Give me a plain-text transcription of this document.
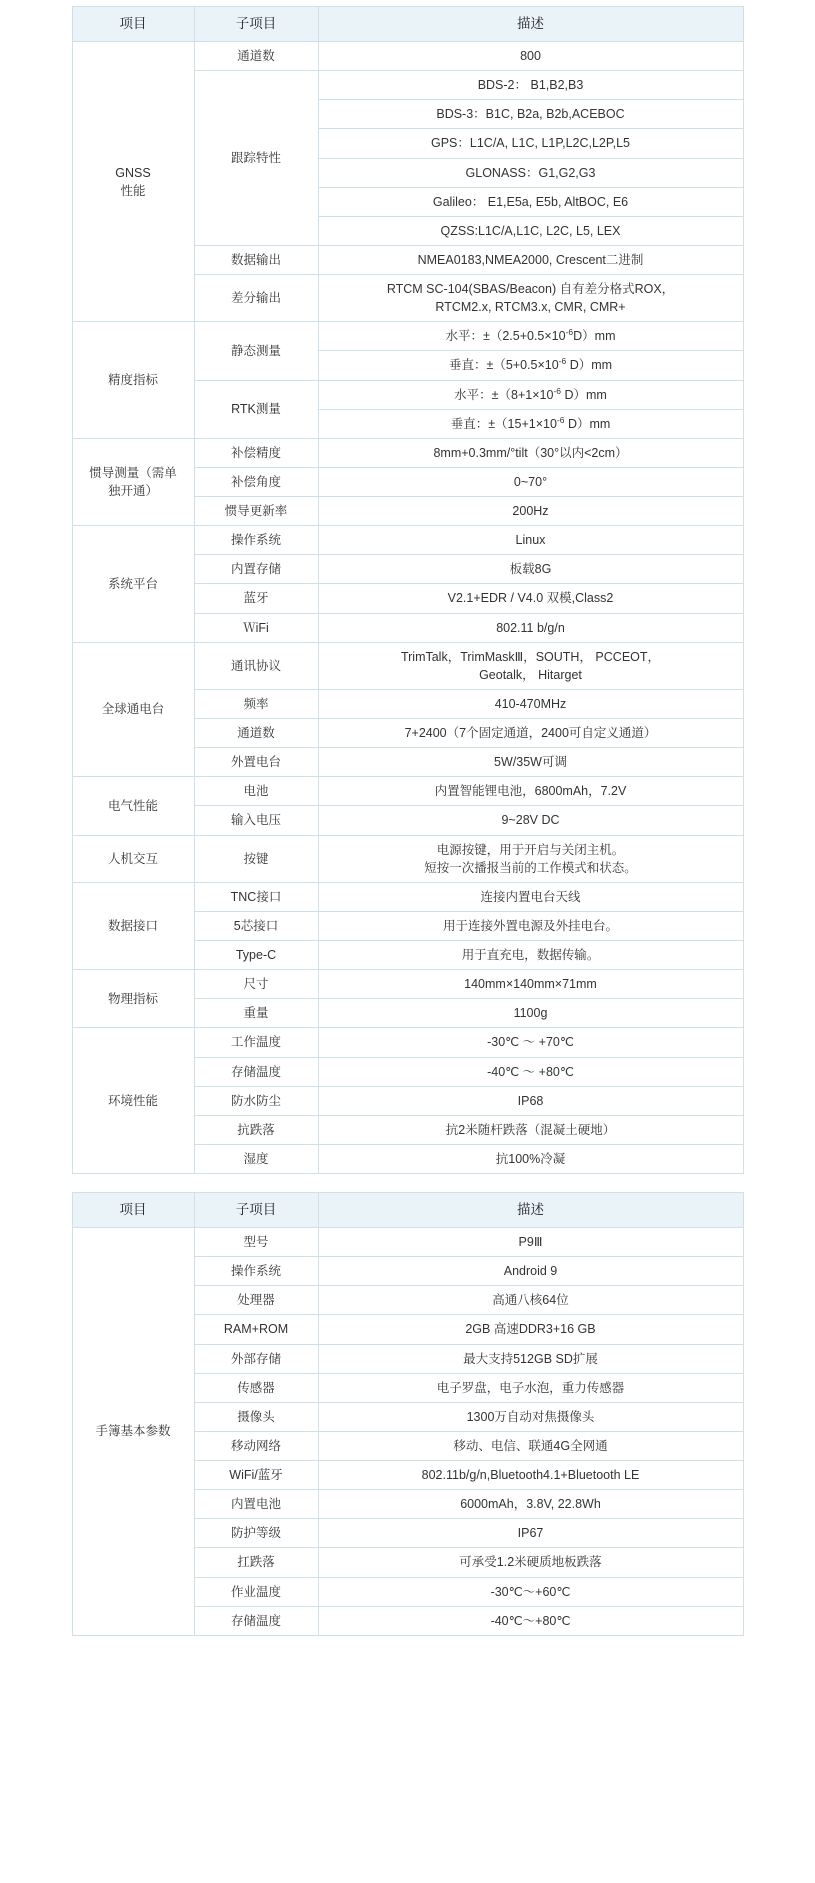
项目	子项目	描述

GNSS
性能	通道数	800
	跟踪特性	BDS-2： B1,B2,B3
		BDS-3：B1C, B2a, B2b,ACEBOC
		GPS：L1C/A, L1C, L1P,L2C,L2P,L5
		GLONASS：G1,G2,G3
		Galileo： E1,E5a, E5b, AltBOC, E6
		QZSS:L1C/A,L1C, L2C, L5, LEX
	数据输出	NMEA0183,NMEA2000, Crescent二进制
	差分输出	RTCM SC-104(SBAS/Beacon) 自有差分格式ROX，
RTCM2.x, RTCM3.x, CMR, CMR+

精度指标	静态测量	水平：$\pm(2.5+0.5\times 10^{-6}D)mm$
		垂直：$\pm(5+0.5\times 10^{-6}$ D）mm
	RTK测量	水平：$\pm(8+1\times 10^{-6}$ D）mm
		垂直：$\pm(15+1\times 10^{-6}$ D）mm

惯导测量（需单
独开通）	补偿精度	8mm+0.3mm/°tilt（30°以内<2cm）
	补偿角度	0~70°
	惯导更新率	200Hz

系统平台	操作系统	Linux
	内置存储	板载8G
	蓝牙	V2.1+EDR / V4.0 双模,Class2
	ＷiFi	802.11 b/g/n

全球通电台	通讯协议	TrimTalk，TrimMaskⅢ，SOUTH， PCCEOT，
Geotalk， Hitarget

	频率	410-470MHz
	通道数	7+2400（7个固定通道，2400可自定义通道）
	外置电台	5W/35W可调

电气性能	电池	内置智能锂电池，6800mAh，7.2V
	输入电压	9~28V DC

人机交互	按键	电源按键，用于开启与关闭主机。
短按一次播报当前的工作模式和状态。

数据接口	TNC接口	连接内置电台天线
	5芯接口	用于连接外置电源及外挂电台。
	Type-C	用于直充电，数据传输。

物理指标	尺寸	140mm×140mm×71mm
	重量	1100g

环境性能	工作温度	-30℃ ～ +70℃
	存储温度	-40℃ ～ +80℃
	防水防尘	IP68
	抗跌落	抗2米随杆跌落（混凝土硬地）
	湿度	抗100%冷凝
项目	子项目	描述

手簿基本参数	型号	P9Ⅲ
	操作系统	Android 9
	处理器	高通八核64位
	RAM+ROM	2GB 高速DDR3+16 GB
	外部存储	最大支持512GB SD扩展
	传感器	电子罗盘，电子水泡，重力传感器
	摄像头	1300万自动对焦摄像头
	移动网络	移动、电信、联通4G全网通
	WiFi/蓝牙	802.11b/g/n,Bluetooth4.1+Bluetooth LE
	内置电池	6000mAh，3.8V, 22.8Wh
	防护等级	IP67
	扛跌落	可承受1.2米硬质地板跌落
	作业温度	-30℃～+60℃
	存储温度	-40℃～+80℃
